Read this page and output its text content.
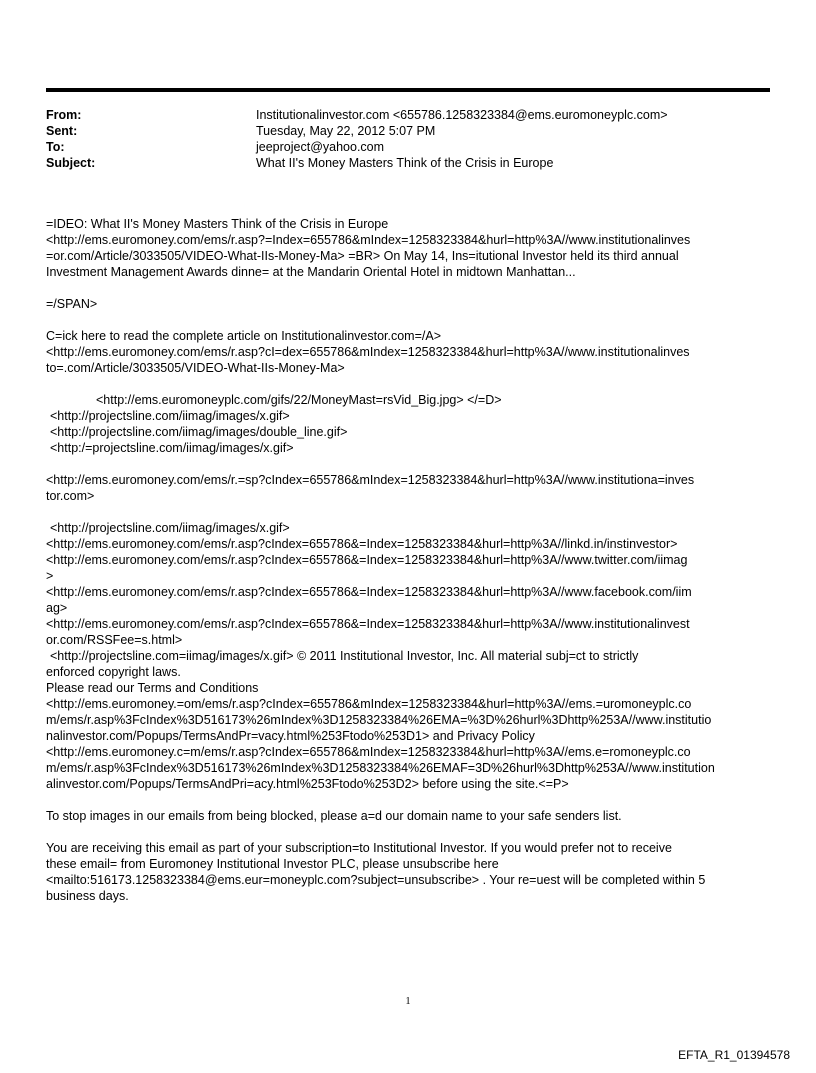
From:	Institutionalinvestor.com <655786.1258323384@ems.euromoneyplc.com>
Sent:	Tuesday, May 22, 2012 5:07 PM
To:	jeeproject@yahoo.com
Subject:	What II's Money Masters Think of the Crisis in Europe
=IDEO: What II's Money Masters Think of the Crisis in Europe
<http://ems.euromoney.com/ems/r.asp?=Index=655786&mIndex=1258323384&hurl=http%3A//www.institutionalinves
=or.com/Article/3033505/VIDEO-What-IIs-Money-Ma> =BR> On May 14, Ins=itutional Investor held its third annual
Investment Management Awards dinne= at the Mandarin Oriental Hotel in midtown Manhattan...
=/SPAN>
C=ick here to read the complete article on Institutionalinvestor.com=/A>
<http://ems.euromoney.com/ems/r.asp?cI=dex=655786&mIndex=1258323384&hurl=http%3A//www.institutionalinves
to=.com/Article/3033505/VIDEO-What-IIs-Money-Ma>
<http://ems.euromoneyplc.com/gifs/22/MoneyMast=rsVid_Big.jpg> </=D>
<http://projectsline.com/iimag/images/x.gif>
<http://projectsline.com/iimag/images/double_line.gif>
<http:/=projectsline.com/iimag/images/x.gif>
<http://ems.euromoney.com/ems/r.=sp?cIndex=655786&mIndex=1258323384&hurl=http%3A//www.institutiona=inves
tor.com>
<http://projectsline.com/iimag/images/x.gif>
<http://ems.euromoney.com/ems/r.asp?cIndex=655786&=Index=1258323384&hurl=http%3A//linkd.in/instinvestor>
<http://ems.euromoney.com/ems/r.asp?cIndex=655786&=Index=1258323384&hurl=http%3A//www.twitter.com/iimag
>
<http://ems.euromoney.com/ems/r.asp?cIndex=655786&=Index=1258323384&hurl=http%3A//www.facebook.com/iim
ag>
<http://ems.euromoney.com/ems/r.asp?cIndex=655786&=Index=1258323384&hurl=http%3A//www.institutionalinvest
or.com/RSSFee=s.html>
<http://projectsline.com=iimag/images/x.gif> © 2011 Institutional Investor, Inc. All material subj=ct to strictly
enforced copyright laws.
Please read our Terms and Conditions
<http://ems.euromoney.=om/ems/r.asp?cIndex=655786&mIndex=1258323384&hurl=http%3A//ems.=uromoneyplc.co
m/ems/r.asp%3FcIndex%3D516173%26mIndex%3D1258323384%26EMA=%3D%26hurl%3Dhttp%253A//www.institutio
nalinvestor.com/Popups/TermsAndPr=vacy.html%253Ftodo%253D1> and Privacy Policy
<http://ems.euromoney.c=m/ems/r.asp?cIndex=655786&mIndex=1258323384&hurl=http%3A//ems.e=romoneyplc.co
m/ems/r.asp%3FcIndex%3D516173%26mIndex%3D1258323384%26EMAF=3D%26hurl%3Dhttp%253A//www.institution
alinvestor.com/Popups/TermsAndPri=acy.html%253Ftodo%253D2> before using the site.<=P>
To stop images in our emails from being blocked, please a=d our domain name to your safe senders list.
You are receiving this email as part of your subscription=to Institutional Investor. If you would prefer not to receive
these email= from Euromoney Institutional Investor PLC, please unsubscribe here
<mailto:516173.1258323384@ems.eur=moneyplc.com?subject=unsubscribe> . Your re=uest will be completed within 5
business days.
1
EFTA_R1_01394578
